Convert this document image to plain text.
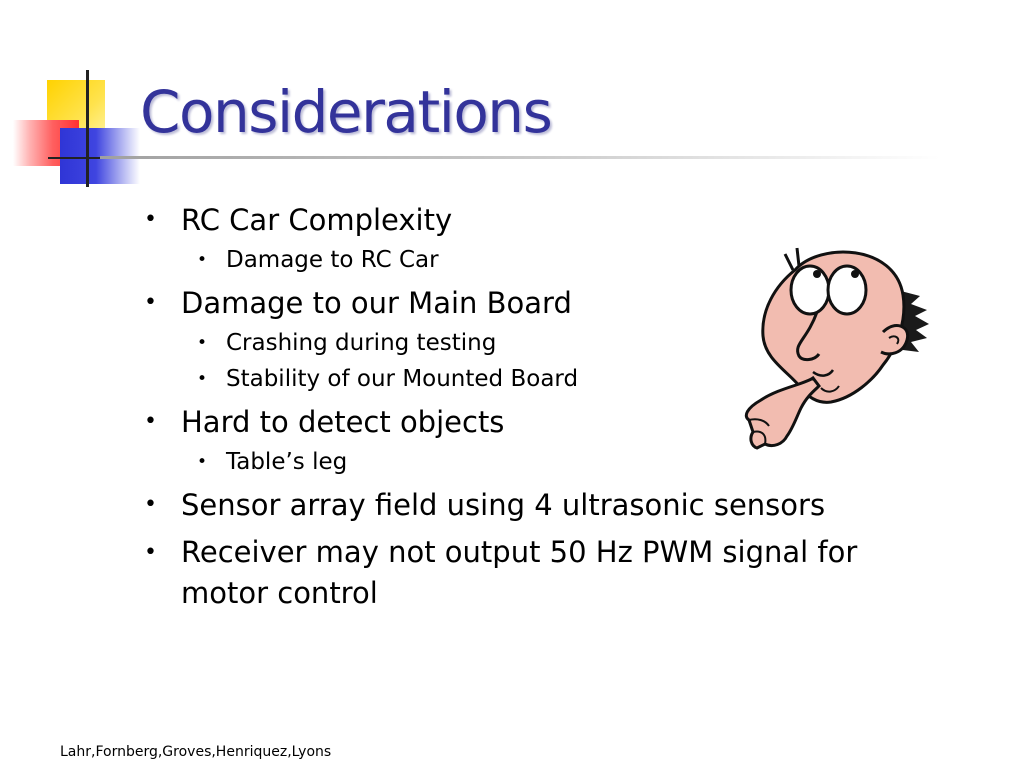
Considerations
• RC Car Complexity
• Damage to RC Car
• Damage to our Main Board
• Crashing during testing
• Stability of our Mounted Board
• Hard to detect objects
• Table’s leg
• Sensor array field using 4 ultrasonic sensors
• Receiver may not output 50 Hz PWM signal for motor control
Lahr,Fornberg,Groves,Henriquez,Lyons
